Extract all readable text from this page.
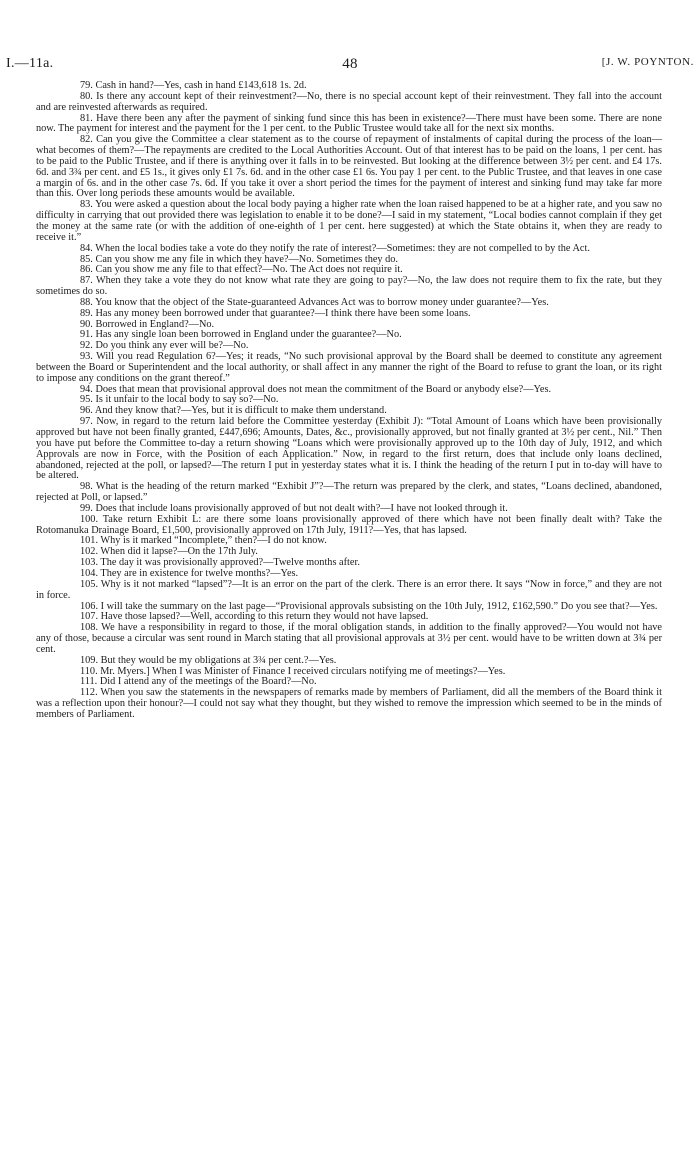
I.—11a.	48	[J. W. POYNTON.

79. Cash in hand?—Yes, cash in hand £143,618 1s. 2d.

80. Is there any account kept of their reinvestment?—No, there is no special account kept of their reinvestment. They fall into the account and are reinvested afterwards as required.

81. Have there been any after the payment of sinking fund since this has been in existence?—There must have been some. There are none now. The payment for interest and the payment for the 1 per cent. to the Public Trustee would take all for the next six months.

82. Can you give the Committee a clear statement as to the course of repayment of instalments of capital during the process of the loan—what becomes of them?—The repayments are credited to the Local Authorities Account. Out of that interest has to be paid on the loans, 1 per cent. has to be paid to the Public Trustee, and if there is anything over it falls in to be reinvested. But looking at the difference between 3½ per cent. and £4 17s. 6d. and 3¾ per cent. and £5 1s., it gives only £1 7s. 6d. and in the other case £1 6s. You pay 1 per cent. to the Public Trustee, and that leaves in one case a margin of 6s. and in the other case 7s. 6d. If you take it over a short period the times for the payment of interest and sinking fund may take far more than this. Over long periods these amounts would be available.

83. You were asked a question about the local body paying a higher rate when the loan raised happened to be at a higher rate, and you saw no difficulty in carrying that out provided there was legislation to enable it to be done?—I said in my statement, “Local bodies cannot complain if they get the money at the same rate (or with the addition of one-eighth of 1 per cent. here suggested) at which the State obtains it, when they are ready to receive it.”

84. When the local bodies take a vote do they notify the rate of interest?—Sometimes: they are not compelled to by the Act.

85. Can you show me any file in which they have?—No. Sometimes they do.

86. Can you show me any file to that effect?—No. The Act does not require it.

87. When they take a vote they do not know what rate they are going to pay?—No, the law does not require them to fix the rate, but they sometimes do so.

88. You know that the object of the State-guaranteed Advances Act was to borrow money under guarantee?—Yes.

89. Has any money been borrowed under that guarantee?—I think there have been some loans.

90. Borrowed in England?—No.

91. Has any single loan been borrowed in England under the guarantee?—No.

92. Do you think any ever will be?—No.

93. Will you read Regulation 6?—Yes; it reads, “No such provisional approval by the Board shall be deemed to constitute any agreement between the Board or Superintendent and the local authority, or shall affect in any manner the right of the Board to refuse to grant the loan, or its right to impose any conditions on the grant thereof.”

94. Does that mean that provisional approval does not mean the commitment of the Board or anybody else?—Yes.

95. Is it unfair to the local body to say so?—No.

96. And they know that?—Yes, but it is difficult to make them understand.

97. Now, in regard to the return laid before the Committee yesterday (Exhibit J): “Total Amount of Loans which have been provisionally approved but have not been finally granted, £447,696; Amounts, Dates, &c., provisionally approved, but not finally granted at 3½ per cent., Nil.” Then you have put before the Committee to-day a return showing “Loans which were provisionally approved up to the 10th day of July, 1912, and which Approvals are now in Force, with the Position of each Application.” Now, in regard to the first return, does that include only loans declined, abandoned, rejected at the poll, or lapsed?—The return I put in yesterday states what it is. I think the heading of the return I put in to-day will have to be altered.

98. What is the heading of the return marked “Exhibit J”?—The return was prepared by the clerk, and states, “Loans declined, abandoned, rejected at Poll, or lapsed.”

99. Does that include loans provisionally approved of but not dealt with?—I have not looked through it.

100. Take return Exhibit L: are there some loans provisionally approved of there which have not been finally dealt with? Take the Rotomanuka Drainage Board, £1,500, provisionally approved on 17th July, 1911?—Yes, that has lapsed.

101. Why is it marked “Incomplete,” then?—I do not know.

102. When did it lapse?—On the 17th July.

103. The day it was provisionally approved?—Twelve months after.

104. They are in existence for twelve months?—Yes.

105. Why is it not marked “lapsed”?—It is an error on the part of the clerk. There is an error there. It says “Now in force,” and they are not in force.

106. I will take the summary on the last page—“Provisional approvals subsisting on the 10th July, 1912, £162,590.” Do you see that?—Yes.

107. Have those lapsed?—Well, according to this return they would not have lapsed.

108. We have a responsibility in regard to those, if the moral obligation stands, in addition to the finally approved?—You would not have any of those, because a circular was sent round in March stating that all provisional approvals at 3½ per cent. would have to be written down at 3¾ per cent.

109. But they would be my obligations at 3¾ per cent.?—Yes.

110. Mr. Myers.] When I was Minister of Finance I received circulars notifying me of meetings?—Yes.

111. Did I attend any of the meetings of the Board?—No.

112. When you saw the statements in the newspapers of remarks made by members of Parliament, did all the members of the Board think it was a reflection upon their honour?—I could not say what they thought, but they wished to remove the impression which seemed to be in the minds of members of Parliament.
